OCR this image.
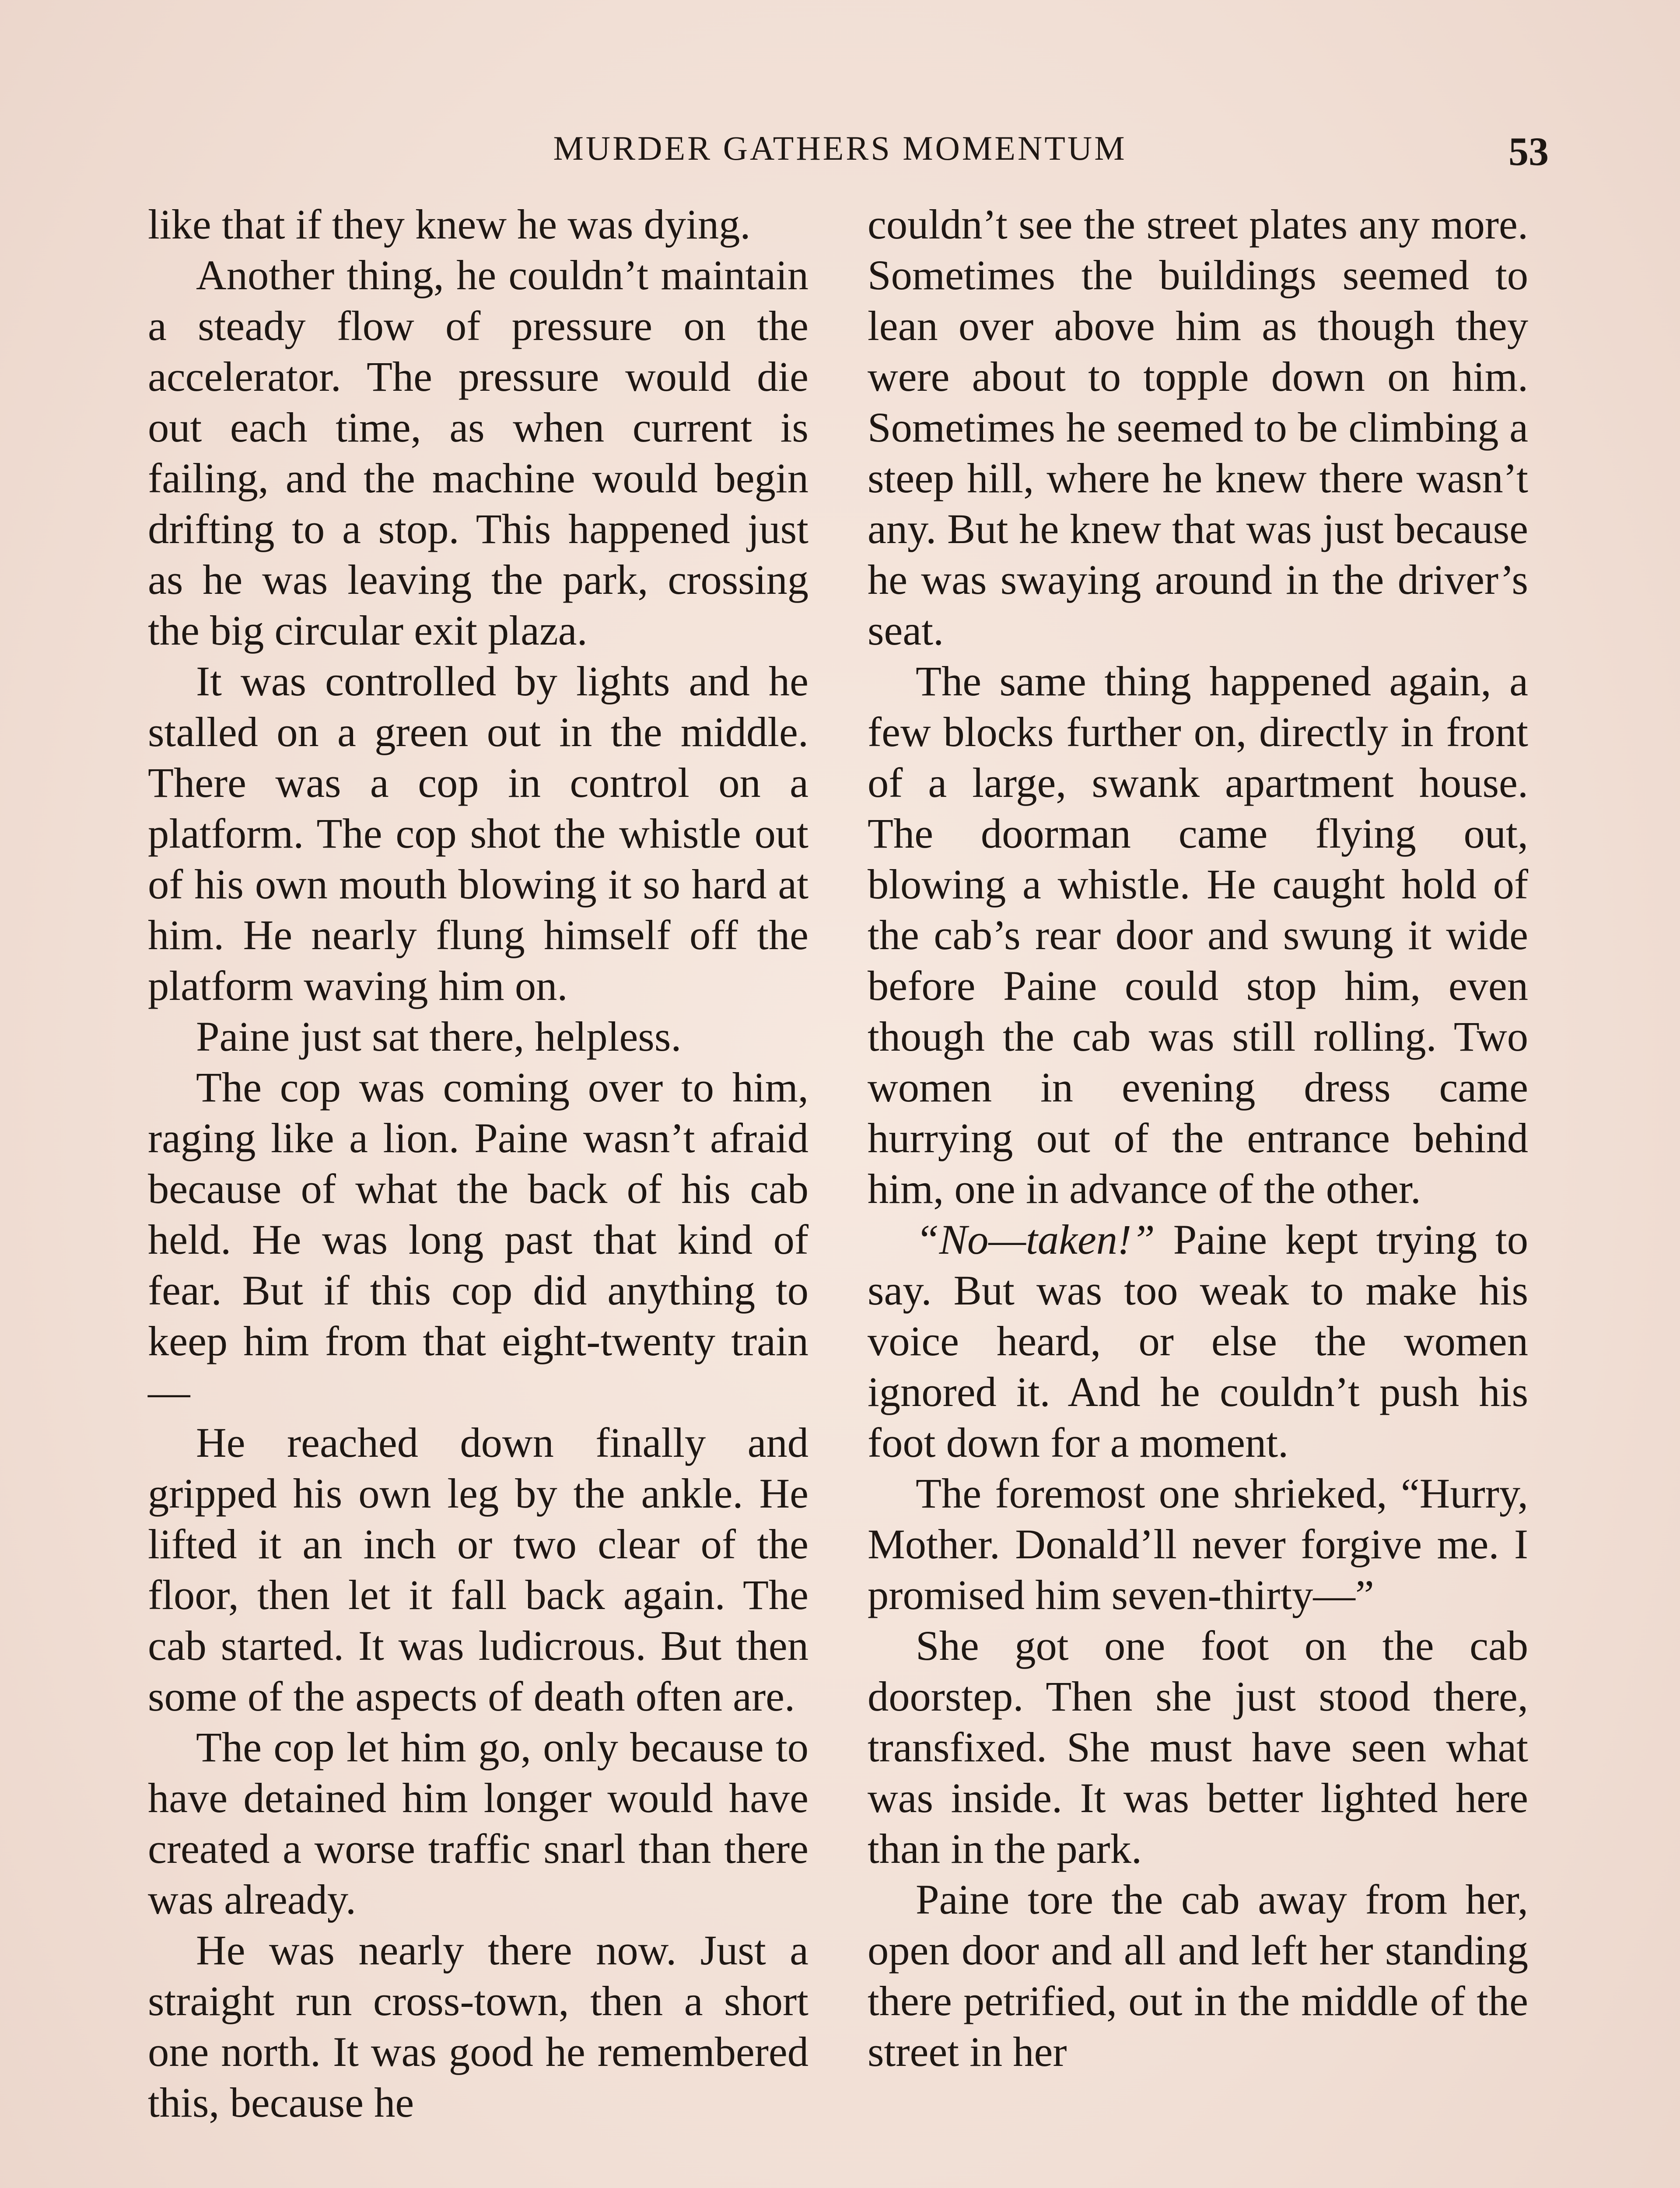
MURDER GATHERS MOMENTUM	53

like that if they knew he was dying.

Another thing, he couldn’t maintain a steady flow of pressure on the accelerator. The pressure would die out each time, as when current is failing, and the machine would begin drifting to a stop. This happened just as he was leaving the park, crossing the big circular exit plaza.

It was controlled by lights and he stalled on a green out in the middle. There was a cop in control on a platform. The cop shot the whistle out of his own mouth blowing it so hard at him. He nearly flung himself off the platform waving him on.

Paine just sat there, helpless.

The cop was coming over to him, raging like a lion. Paine wasn’t afraid because of what the back of his cab held. He was long past that kind of fear. But if this cop did anything to keep him from that eight-twenty train—

He reached down finally and gripped his own leg by the ankle. He lifted it an inch or two clear of the floor, then let it fall back again. The cab started. It was ludicrous. But then some of the aspects of death often are.

The cop let him go, only because to have detained him longer would have created a worse traffic snarl than there was already.

He was nearly there now. Just a straight run cross-town, then a short one north. It was good he remembered this, because he

couldn’t see the street plates any more. Sometimes the buildings seemed to lean over above him as though they were about to topple down on him. Sometimes he seemed to be climbing a steep hill, where he knew there wasn’t any. But he knew that was just because he was swaying around in the driver’s seat.

The same thing happened again, a few blocks further on, directly in front of a large, swank apartment house. The doorman came flying out, blowing a whistle. He caught hold of the cab’s rear door and swung it wide before Paine could stop him, even though the cab was still rolling. Two women in evening dress came hurrying out of the entrance behind him, one in advance of the other.

“No—taken!” Paine kept trying to say. But was too weak to make his voice heard, or else the women ignored it. And he couldn’t push his foot down for a moment.

The foremost one shrieked, “Hurry, Mother. Donald’ll never forgive me. I promised him seven-thirty—”

She got one foot on the cab doorstep. Then she just stood there, transfixed. She must have seen what was inside. It was better lighted here than in the park.

Paine tore the cab away from her, open door and all and left her standing there petrified, out in the middle of the street in her
